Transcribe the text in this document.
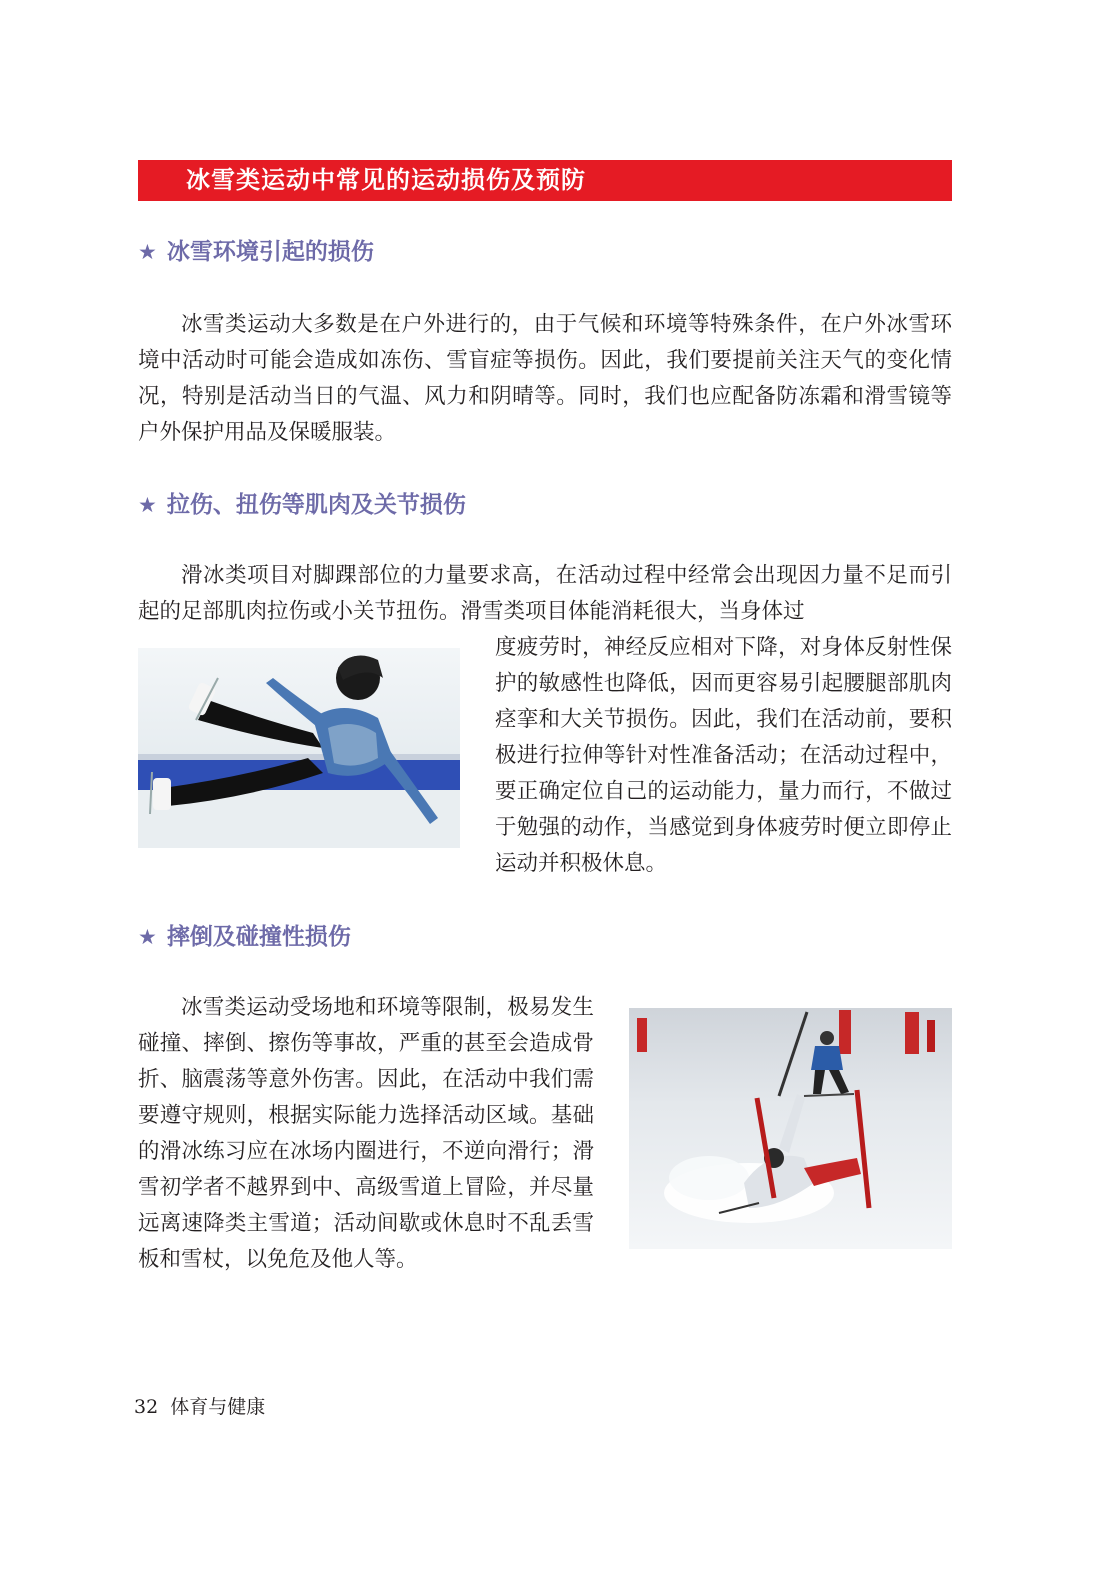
冰雪类运动中常见的运动损伤及预防
★ 冰雪环境引起的损伤

冰雪类运动大多数是在户外进行的，由于气候和环境等特殊条件，在户外冰雪环境中活动时可能会造成如冻伤、雪盲症等损伤。因此，我们要提前关注天气的变化情况，特别是活动当日的气温、风力和阴晴等。同时，我们也应配备防冻霜和滑雪镜等户外保护用品及保暖服装。

★ 拉伤、扭伤等肌肉及关节损伤

滑冰类项目对脚踝部位的力量要求高，在活动过程中经常会出现因力量不足而引起的足部肌肉拉伤或小关节扭伤。滑雪类项目体能消耗很大，当身体过

度疲劳时，神经反应相对下降，对身体反射性保护的敏感性也降低，因而更容易引起腰腿部肌肉痉挛和大关节损伤。因此，我们在活动前，要积极进行拉伸等针对性准备活动；在活动过程中，要正确定位自己的运动能力，量力而行，不做过于勉强的动作，当感觉到身体疲劳时便立即停止运动并积极休息。

★ 摔倒及碰撞性损伤

冰雪类运动受场地和环境等限制，极易发生碰撞、摔倒、擦伤等事故，严重的甚至会造成骨折、脑震荡等意外伤害。因此，在活动中我们需要遵守规则，根据实际能力选择活动区域。基础的滑冰练习应在冰场内圈进行，不逆向滑行；滑雪初学者不越界到中、高级雪道上冒险，并尽量远离速降类主雪道；活动间歇或休息时不乱丢雪板和雪杖，以免危及他人等。

32 体育与健康
